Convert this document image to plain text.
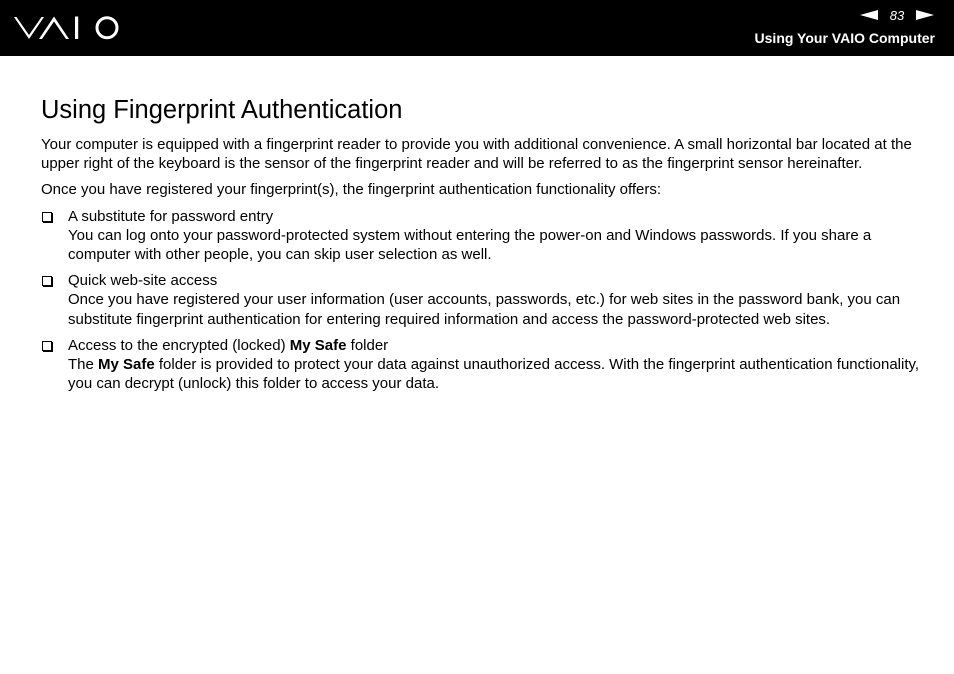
83
Using Your VAIO Computer
Using Fingerprint Authentication

Your computer is equipped with a fingerprint reader to provide you with additional convenience. A small horizontal bar located at the upper right of the keyboard is the sensor of the fingerprint reader and will be referred to as the fingerprint sensor hereinafter.

Once you have registered your fingerprint(s), the fingerprint authentication functionality offers:

A substitute for password entry
You can log onto your password-protected system without entering the power-on and Windows passwords. If you share a computer with other people, you can skip user selection as well.
Quick web-site access
Once you have registered your user information (user accounts, passwords, etc.) for web sites in the password bank, you can substitute fingerprint authentication for entering required information and access the password-protected web sites.
Access to the encrypted (locked) My Safe folder
The My Safe folder is provided to protect your data against unauthorized access. With the fingerprint authentication functionality, you can decrypt (unlock) this folder to access your data.
